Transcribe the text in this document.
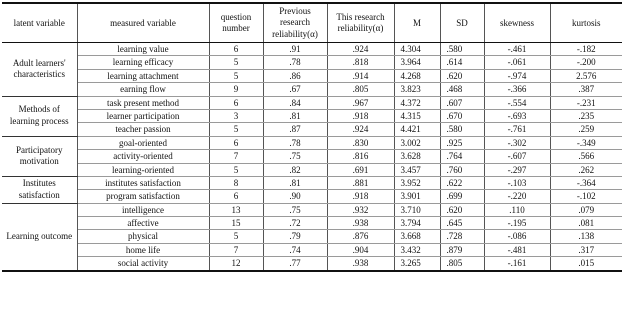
latent variable	measured variable	question number	Previous research reliability(α)	This research reliability(α)	M	SD	skewness	kurtosis
Adult learners' characteristics	learning value	6	.91	.924	4.304	.580	-.461	-.182
	learning efficacy	5	.78	.818	3.964	.614	-.061	-.200
	learning attachment	5	.86	.914	4.268	.620	-.974	2.576
	earning flow	9	.67	.805	3.823	.468	-.366	.387
Methods of learning process	task present method	6	.84	.967	4.372	.607	-.554	-.231
	learner participation	3	.81	.918	4.315	.670	-.693	.235
	teacher passion	5	.87	.924	4.421	.580	-.761	.259
Participatory motivation	goal-oriented	6	.78	.830	3.002	.925	-.302	-.349
	activity-oriented	7	.75	.816	3.628	.764	-.607	.566
	learning-oriented	5	.82	.691	3.457	.760	-.297	.262
Institutes satisfaction	institutes satisfaction	8	.81	.881	3.952	.622	-.103	-.364
	program satisfaction	6	.90	.918	3.901	.699	-.220	-.102
Learning outcome	intelligence	13	.75	.932	3.710	.620	.110	.079
	affective	15	.72	.938	3.794	.645	-.195	.081
	physical	5	.79	.876	3.668	.728	-.086	.138
	home life	7	.74	.904	3.432	.879	-.481	.317
	social activity	12	.77	.938	3.265	.805	-.161	.015
